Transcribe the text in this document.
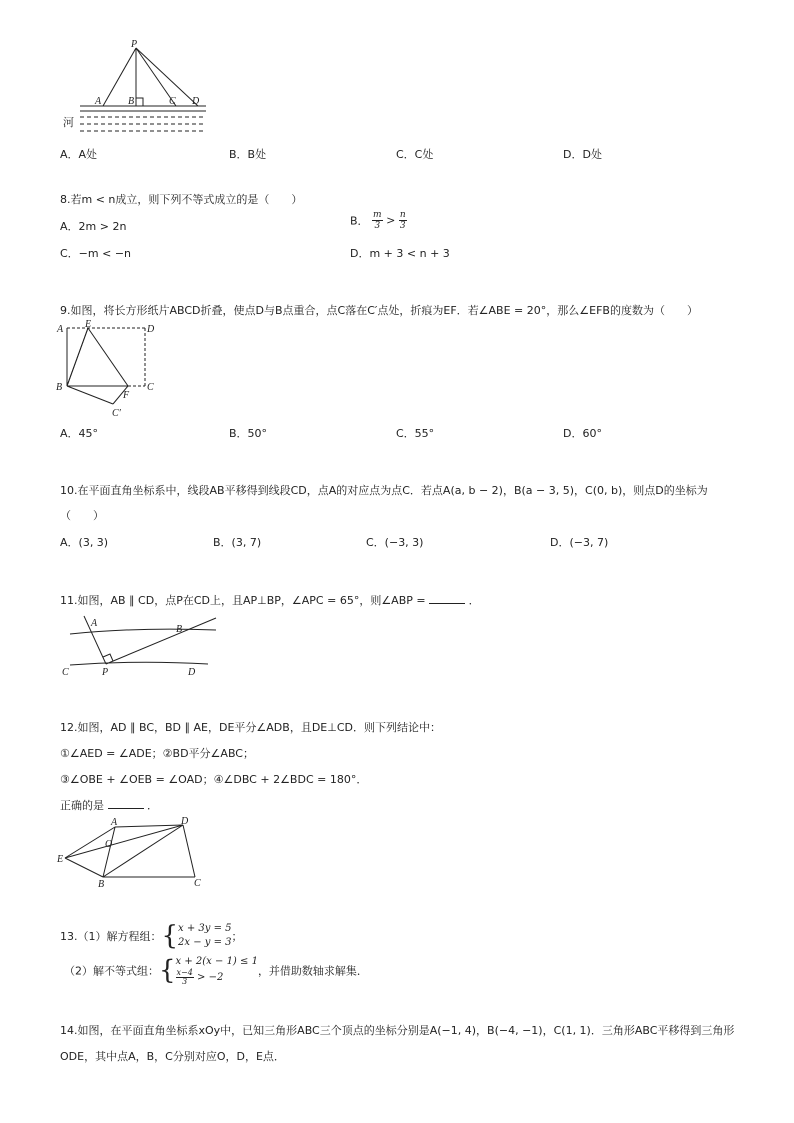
P
A	B	C D
河
A．A处	B．B处	C．C处	D．D处
8.若m < n成立，则下列不等式成立的是（　　）
A．2m > 2n	B． $\frac{m}{3} > \frac{n}{3}$
C．−m < −n	D．m + 3 < n + 3
9.如图，将长方形纸片ABCD折叠，使点D与B点重合，点C落在C′点处，折痕为EF．若∠ABE = 20°，那么∠EFB的度数为（　　）
A E	D
B
F
C
C′
A．45°	B．50°	C．55°	D．60°
10.在平面直角坐标系中，线段AB平移得到线段CD，点A的对应点为点C．若点A(a, b − 2)，B(a − 3, 5)，C(0, b)，则点D的坐标为
（　　）
A．(3, 3)	B．(3, 7)	C．(−3, 3)	D．(−3, 7)
11.如图，AB ∥ CD，点P在CD上，且AP⊥BP，∠APC = 65°，则∠ABP =	．
A
B
C	P	D
12.如图，AD ∥ BC，BD ∥ AE，DE平分∠ADB，且DE⊥CD．则下列结论中：
①∠AED = ∠ADE；②BD平分∠ABC；
③∠OBE + ∠OEB = ∠OAD；④∠DBC + 2∠BDC = 180°．
正确的是	．
A	D
O
E
B	C
13.（1）解方程组：{ x + 3y = 5
2x − y = 3 ；
（2）解不等式组：{ x + 2(x − 1) ≤ 1
$\frac{x-4}{3} > -2$	，并借助数轴求解集．
14.如图，在平面直角坐标系xOy中，已知三角形ABC三个顶点的坐标分别是A(−1, 4)，B(−4, −1)，C(1, 1)．三角形ABC平移得到三角形
ODE，其中点A，B，C分别对应O，D，E点．
